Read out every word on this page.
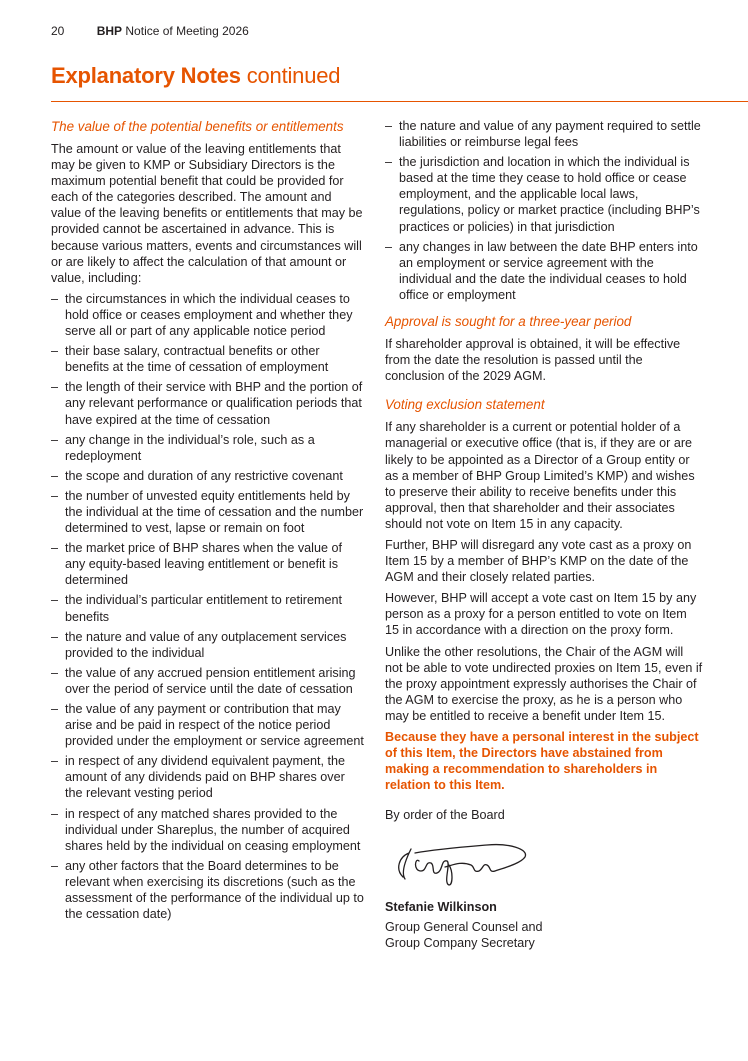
20	BHP Notice of Meeting 2026
Explanatory Notes continued
The value of the potential benefits or entitlements

The amount or value of the leaving entitlements that may be given to KMP or Subsidiary Directors is the maximum potential benefit that could be provided for each of the categories described. The amount and value of the leaving benefits or entitlements that may be provided cannot be ascertained in advance. This is because various matters, events and circumstances will or are likely to affect the calculation of that amount or value, including:

– the circumstances in which the individual ceases to hold office or ceases employment and whether they serve all or part of any applicable notice period
– their base salary, contractual benefits or other benefits at the time of cessation of employment
– the length of their service with BHP and the portion of any relevant performance or qualification periods that have expired at the time of cessation
– any change in the individual’s role, such as a redeployment
– the scope and duration of any restrictive covenant
– the number of unvested equity entitlements held by the individual at the time of cessation and the number determined to vest, lapse or remain on foot
– the market price of BHP shares when the value of any equity-based leaving entitlement or benefit is determined
– the individual’s particular entitlement to retirement benefits
– the nature and value of any outplacement services provided to the individual
– the value of any accrued pension entitlement arising over the period of service until the date of cessation
– the value of any payment or contribution that may arise and be paid in respect of the notice period provided under the employment or service agreement
– in respect of any dividend equivalent payment, the amount of any dividends paid on BHP shares over the relevant vesting period
– in respect of any matched shares provided to the individual under Shareplus, the number of acquired shares held by the individual on ceasing employment
– any other factors that the Board determines to be relevant when exercising its discretions (such as the assessment of the performance of the individual up to the cessation date)
– the nature and value of any payment required to settle liabilities or reimburse legal fees
– the jurisdiction and location in which the individual is based at the time they cease to hold office or cease employment, and the applicable local laws, regulations, policy or market practice (including BHP’s practices or policies) in that jurisdiction
– any changes in law between the date BHP enters into an employment or service agreement with the individual and the date the individual ceases to hold office or employment
Approval is sought for a three-year period

If shareholder approval is obtained, it will be effective from the date the resolution is passed until the conclusion of the 2029 AGM.

Voting exclusion statement

If any shareholder is a current or potential holder of a managerial or executive office (that is, if they are or are likely to be appointed as a Director of a Group entity or as a member of BHP Group Limited’s KMP) and wishes to preserve their ability to receive benefits under this approval, then that shareholder and their associates should not vote on Item 15 in any capacity.

Further, BHP will disregard any vote cast as a proxy on Item 15 by a member of BHP’s KMP on the date of the AGM and their closely related parties.

However, BHP will accept a vote cast on Item 15 by any person as a proxy for a person entitled to vote on Item 15 in accordance with a direction on the proxy form.

Unlike the other resolutions, the Chair of the AGM will not be able to vote undirected proxies on Item 15, even if the proxy appointment expressly authorises the Chair of the AGM to exercise the proxy, as he is a person who may be entitled to receive a benefit under Item 15.

Because they have a personal interest in the subject of this Item, the Directors have abstained from making a recommendation to shareholders in relation to this Item.

By order of the Board

Stefanie Wilkinson

Group General Counsel and
Group Company Secretary
